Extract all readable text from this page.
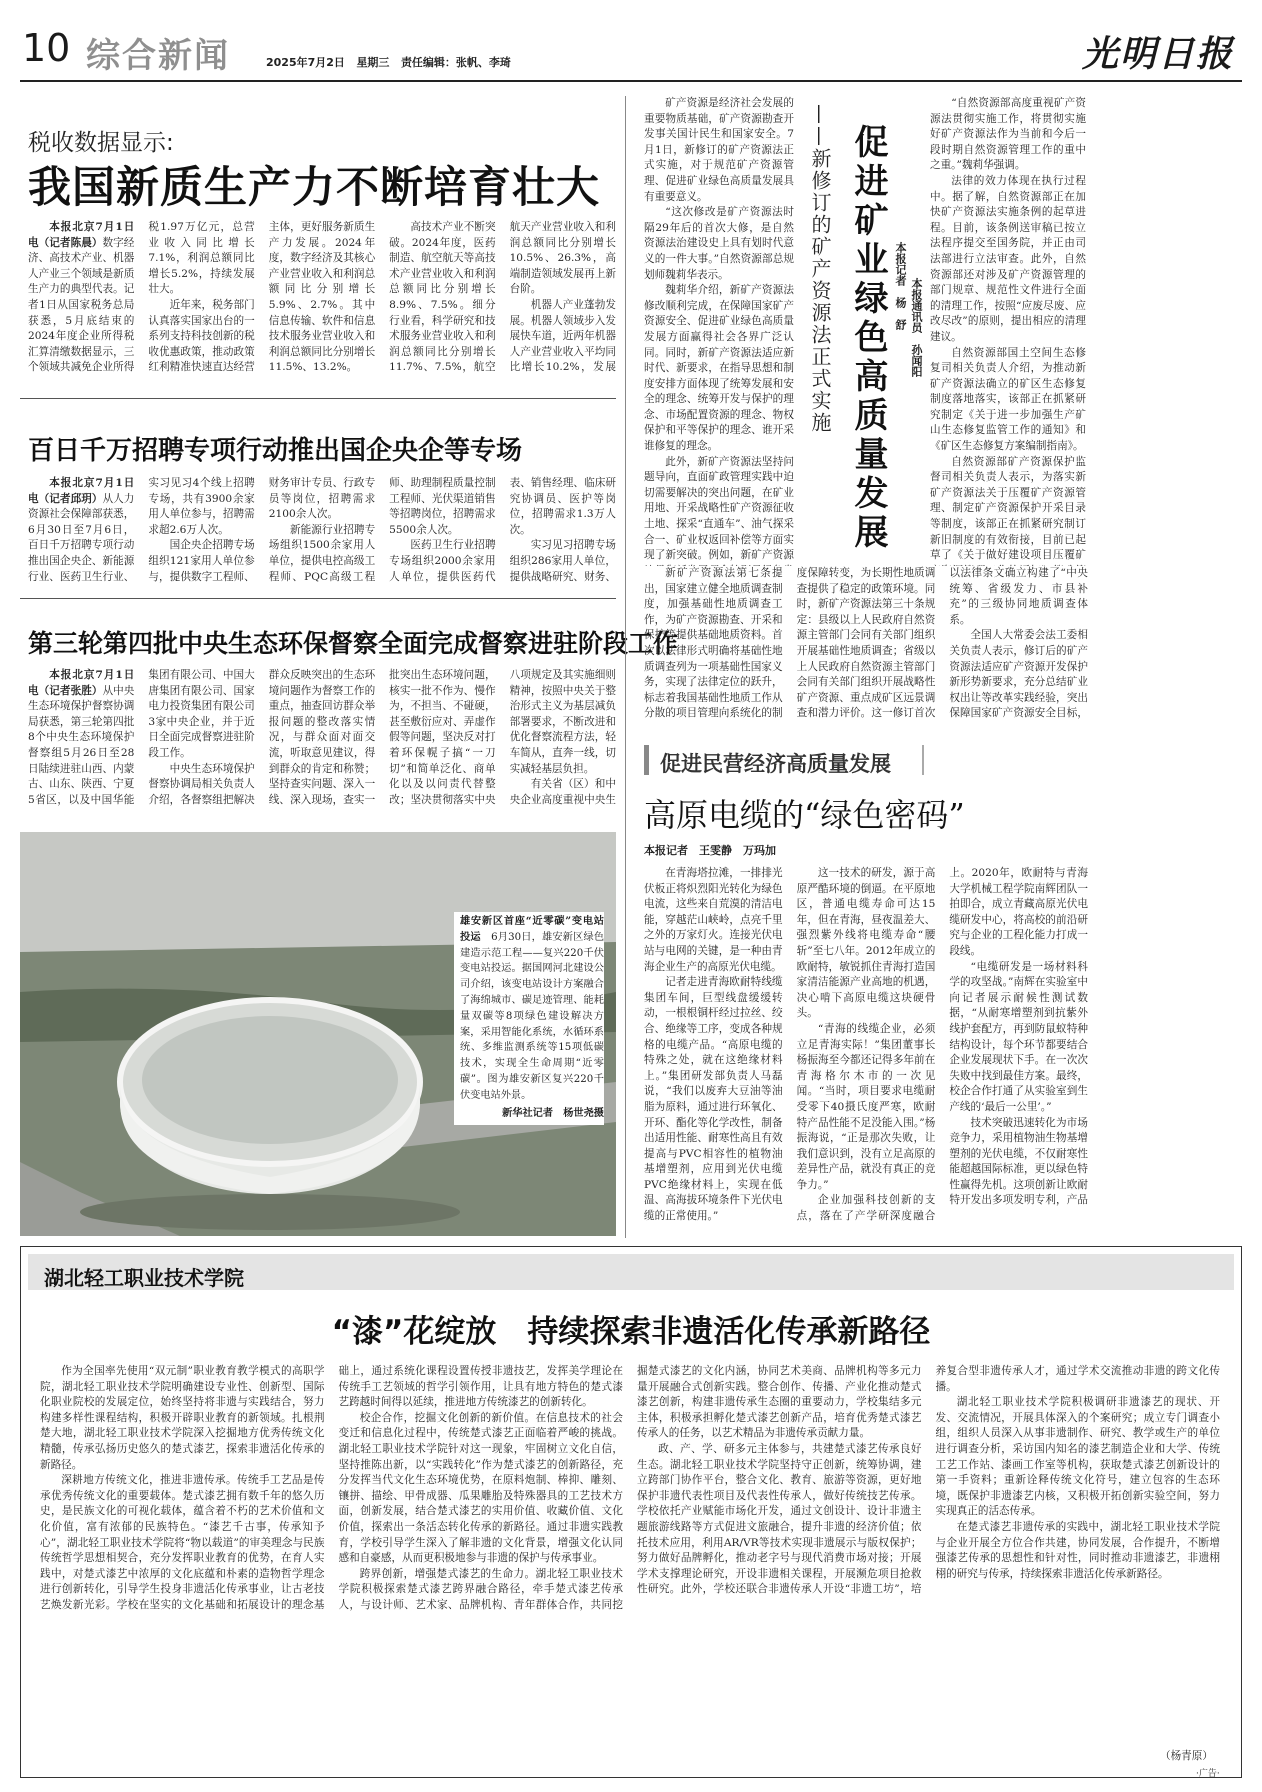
10 综合新闻	2025年7月2日 星期三 责任编辑：张帆、李琦	光明日报
税收数据显示:
我国新质生产力不断培育壮大

本报北京7月1日电（记者陈晨）数字经济、高技术产业、机器人产业三个领域是新质生产力的典型代表。记者1日从国家税务总局获悉，5月底结束的2024年度企业所得税汇算清缴数据显示，三个领域共减免企业所得税1.97万亿元，总营业收入同比增长7.1%，利润总额同比增长5.2%，持续发展壮大。

近年来，税务部门认真落实国家出台的一系列支持科技创新的税收优惠政策，推动政策红利精准快速直达经营主体，更好服务新质生产力发展。2024年度，数字经济及其核心产业营业收入和利润总额同比分别增长5.9%、2.7%。其中信息传输、软件和信息技术服务业营业收入和利润总额同比分别增长11.5%、13.2%。

高技术产业不断突破。2024年度，医药制造、航空航天等高技术产业营业收入和利润总额同比分别增长8.9%、7.5%。细分行业看，科学研究和技术服务业营业收入和利润总额同比分别增长11.7%、7.5%，航空航天产业营业收入和利润总额同比分别增长10.5%、26.3%，高端制造领域发展再上新台阶。

机器人产业蓬勃发展。机器人领域步入发展快车道，近两年机器人产业营业收入平均同比增长10.2%，发展

百日千万招聘专项行动推出国企央企等专场

本报北京7月1日电（记者邱玥）从人力资源社会保障部获悉，6月30日至7月6日，百日千万招聘专项行动推出国企央企、新能源行业、医药卫生行业、实习见习4个线上招聘专场，共有3900余家用人单位参与，招聘需求超2.6万人次。

国企央企招聘专场组织121家用人单位参与，提供数字工程师、财务审计专员、行政专员等岗位，招聘需求2100余人次。

新能源行业招聘专场组织1500余家用人单位，提供电控高级工程师、PQC高级工程师、助理制程质量控制工程师、光伏渠道销售等招聘岗位，招聘需求5500余人次。

医药卫生行业招聘专场组织2000余家用人单位，提供医药代表、销售经理、临床研究协调员、医护等岗位，招聘需求1.3万人次。

实习见习招聘专场组织286家用人单位，提供战略研究、财务、

第三轮第四批中央生态环保督察全面完成督察进驻阶段工作

本报北京7月1日电（记者张胜）从中央生态环境保护督察协调局获悉，第三轮第四批8个中央生态环境保护督察组5月26日至28日陆续进驻山西、内蒙古、山东、陕西、宁夏5省区，以及中国华能集团有限公司、中国大唐集团有限公司、国家电力投资集团有限公司3家中央企业，并于近日全面完成督察进驻阶段工作。

中央生态环境保护督察协调局相关负责人介绍，各督察组把解决群众反映突出的生态环境问题作为督察工作的重点，抽查回访群众举报问题的整改落实情况，与群众面对面交流，听取意见建议，得到群众的肯定和称赞；坚持查实问题、深入一线、深入现场，查实一批突出生态环境问题，核实一批不作为、慢作为，不担当、不碰硬，甚至敷衍应对、弄虚作假等问题，坚决反对打着环保幌子搞“一刀切”和简单泛化、商单化以及以问责代替整改；坚决贯彻落实中央八项规定及其实施细则精神，按照中央关于整治形式主义为基层减负部署要求，不断改进和优化督察流程方法，轻车简从，直奔一线，切实减轻基层负担。

有关省（区）和中央企业高度重视中央生

雄安新区首座“近零碳”变电站投运　 6月30日，雄安新区绿色建造示范工程——复兴220千伏变电站投运。据国网河北建设公司介绍，该变电站设计方案融合了海绵城市、碳足迹管理、能耗量双碳等8项绿色建设解决方案，采用智能化系统，水循环系统、多维监测系统等15项低碳技术，实现全生命周期“近零碳”。图为雄安新区复兴220千伏变电站外景。
新华社记者　杨世尧摄
促进矿业绿色高质量发展
——新修订的矿产资源法正式实施	本报记者　杨　舒 本报通讯员　孙闻阳

矿产资源是经济社会发展的重要物质基础，矿产资源勘查开发事关国计民生和国家安全。7月1日，新修订的矿产资源法正式实施，对于规范矿产资源管理、促进矿业绿色高质量发展具有重要意义。

“这次修改是矿产资源法时隔29年后的首次大修，是自然资源法治建设史上具有划时代意义的一件大事。”自然资源部总规划师魏莉华表示。

魏莉华介绍，新矿产资源法修改顺利完成，在保障国家矿产资源安全、促进矿业绿色高质量发展方面赢得社会各界广泛认同。同时，新矿产资源法适应新时代、新要求，在指导思想和制度安排方面体现了统筹发展和安全的理念、统筹开发与保护的理念、市场配置资源的理念、物权保护和平等保护的理念、谁开采谁修复的理念。

此外，新矿产资源法坚持问题导向，直面矿政管理实践中迫切需要解决的突出问题，在矿业用地、开采战略性矿产资源征收土地、探采“直通车”、油气探采合一、矿业权返回补偿等方面实现了新突破。例如，新矿产资源

“自然资源部高度重视矿产资源法贯彻实施工作，将贯彻实施好矿产资源法作为当前和今后一段时期自然资源管理工作的重中之重。”魏莉华强调。

法律的效力体现在执行过程中。据了解，自然资源部正在加快矿产资源法实施条例的起草进程。目前，该条例送审稿已按立法程序提交至国务院，并正由司法部进行立法审查。此外，自然资源部还对涉及矿产资源管理的部门规章、规范性文件进行全面的清理工作，按照“应废尽废、应改尽改”的原则，提出相应的清理建议。

自然资源部国土空间生态修复司相关负责人介绍，为推动新矿产资源法确立的矿区生态修复制度落地落实，该部正在抓紧研究制定《关于进一步加强生产矿山生态修复监管工作的通知》和《矿区生态修复方案编制指南》。

自然资源部矿产资源保护监督司相关负责人表示，为落实新矿产资源法关于压覆矿产资源管理、制定矿产资源保护开采目录等制度，该部正在抓紧研究制订新旧制度的有效衔接，目前已起草了《关于做好建设项目压覆矿

新矿产资源法第七条提出，国家建立健全地质调查制度，加强基础性地质调查工作，为矿产资源勘查、开采和保护等提供基础地质资料。首次以法律形式明确将基础性地质调查列为一项基础性国家义务，实现了法律定位的跃升，标志着我国基础性地质工作从分散的项目管理向系统化的制度保障转变，为长期性地质调查提供了稳定的政策环境。同时，新矿产资源法第三十条规定：县级以上人民政府自然资源主管部门会同有关部门组织开展基础性地质调查；省级以上人民政府自然资源主管部门会同有关部门组织开展战略性矿产资源、重点成矿区远景调查和潜力评价。这一修订首次以法律条文确立构建了“中央统筹、省级发力、市县补充”的三级协同地质调查体系。

全国人大常委会法工委相关负责人表示，修订后的矿产资源法适应矿产资源开发保护新形势新要求，充分总结矿业权出让等改革实践经验，突出保障国家矿产资源安全目标，

促进民营经济高质量发展
高原电缆的“绿色密码”
本报记者　王雯静　万玛加

在青海塔拉滩，一排排光伏板正将炽烈阳光转化为绿色电流，这些来自荒漠的清洁电能，穿越茫山峡岭，点亮千里之外的万家灯火。连接光伏电站与电网的关键，是一种由青海企业生产的高原光伏电缆。

记者走进青海欧耐特线缆集团车间，巨型线盘缓缓转动，一根根铜杆经过拉丝、绞合、绝缘等工序，变成各种规格的电缆产品。“高原电缆的特殊之处，就在这绝缘材料上。”集团研发部负责人马磊说，“我们以废弃大豆油等油脂为原料，通过进行环氧化、开环、酯化等化学改性，制备出适用性能、耐寒性高且有效提高与PVC相容性的植物油基增塑剂，应用到光伏电缆PVC绝缘材料上，实现在低温、高海拔环境条件下光伏电缆的正常使用。”

这一技术的研发，源于高原严酷环境的倒逼。在平原地区，普通电缆寿命可达15年，但在青海，昼夜温差大、强烈紫外线将电缆寿命“腰斩”至七八年。2012年成立的欧耐特，敏锐抓住青海打造国家清洁能源产业高地的机遇，决心啃下高原电缆这块硬骨头。

“青海的线缆企业，必须立足青海实际！”集团董事长杨振海至今都还记得多年前在青海格尔木市的一次见闻。“当时，项目要求电缆耐受零下40摄氏度严寒，欧耐特产品性能不足没能入围。”杨振海说，“正是那次失败，让我们意识到，没有立足高原的差异性产品，就没有真正的竞争力。”

企业加强科技创新的支点，落在了产学研深度融合上。2020年，欧耐特与青海大学机械工程学院南辉团队一拍即合，成立青藏高原光伏电缆研发中心，将高校的前沿研究与企业的工程化能力打成一段线。

“电缆研发是一场材料科学的攻坚战。”南辉在实验室中向记者展示耐候性测试数据，“从耐寒增塑剂到抗紫外线护套配方，再到防鼠蚁特种结构设计，每个环节都要结合企业发展现状下手。在一次次失败中找到最佳方案。最终，校企合作打通了从实验室到生产线的‘最后一公里’。”

技术突破迅速转化为市场竞争力，采用植物油生物基增塑剂的光伏电缆，不仅耐寒性能超越国际标准，更以绿色特性赢得先机。这项创新让欧耐特开发出多项发明专利，产品

湖北轻工职业技术学院
“漆”花绽放　持续探索非遗活化传承新路径

作为全国率先使用“双元制”职业教育教学模式的高职学院，湖北轻工职业技术学院明确建设专业性、创新型、国际化职业院校的发展定位，始终坚持将非遗与实践结合，努力构建多样性课程结构，积极开辟职业教育的新领域。扎根荆楚大地，湖北轻工职业技术学院深入挖掘地方优秀传统文化精髓，传承弘扬历史悠久的楚式漆艺，探索非遗活化传承的新路径。

深耕地方传统文化，推进非遗传承。传统手工艺品是传承优秀传统文化的重要载体。楚式漆艺拥有数千年的悠久历史，是民族文化的可视化载体，蕴含着不朽的艺术价值和文化价值，富有浓郁的民族特色。“漆艺千古事，传承知予心”，湖北轻工职业技术学院将“物以载道”的审美理念与民族传统哲学思想相契合，充分发挥职业教育的优势，在育人实践中，对楚式漆艺中浓厚的文化底蕴和朴素的造物哲学理念进行创新转化，引导学生投身非遗活化传承事业，让古老技艺焕发新光彩。学校在坚实的文化基础和拓展设计的理念基础上，通过系统化课程设置传授非遗技艺，发挥美学理论在传统手工艺领域的哲学引领作用，让具有地方特色的楚式漆艺跨越时间得以延续，推进地方传统漆艺的创新转化。

校企合作，挖掘文化创新的新价值。在信息技术的社会变迁和信息化过程中，传统楚式漆艺正面临着严峻的挑战。湖北轻工职业技术学院针对这一现象，牢固树立文化自信，坚持推陈出新，以“实践转化”作为楚式漆艺的创新路径，充分发挥当代文化生态环境优势，在原料炮制、棒抑、雕刻、镶拼、描绘、甲骨成器、瓜果雕胎及特殊器具的工艺技术方面，创新发展，结合楚式漆艺的实用价值、收藏价值、文化价值，探索出一条活态转化传承的新路径。通过非遗实践教育，学校引导学生深入了解非遗的文化背景，增强文化认同感和自豪感，从而更积极地参与非遗的保护与传承事业。

跨界创新，增强楚式漆艺的生命力。湖北轻工职业技术学院积极探索楚式漆艺跨界融合路径，牵手楚式漆艺传承人，与设计师、艺术家、品牌机构、青年群体合作，共同挖掘楚式漆艺的文化内涵，协同艺术美商、品牌机构等多元力量开展融合式创新实践。整合创作、传播、产业化推动楚式漆艺创新，构建非遗传承生态圈的重要动力，学校集结多元主体，积极承担孵化楚式漆艺创新产品，培育优秀楚式漆艺传承人的任务，以艺术精品为非遗传承贡献力量。

政、产、学、研多元主体参与，共建楚式漆艺传承良好生态。湖北轻工职业技术学院坚持守正创新，统筹协调，建立跨部门协作平台，整合文化、教育、旅游等资源，更好地保护非遗代表性项目及代表性传承人，做好传统技艺传承。学校依托产业赋能市场化开发，通过文创设计、设计非遗主题旅游线路等方式促进文旅融合，提升非遗的经济价值；依托技术应用，利用AR/VR等技术实现非遗展示与版权保护；努力做好品牌孵化，推动老字号与现代消费市场对接；开展学术支撑理论研究，开设非遗相关课程，开展濒危项目抢救性研究。此外，学校还联合非遗传承人开设“非遗工坊”，培养复合型非遗传承人才，通过学术交流推动非遗的跨文化传播。

湖北轻工职业技术学院积极调研非遗漆艺的现状、开发、交流情况，开展具体深入的个案研究；成立专门调查小组，组织人员深入从事非遗制作、研究、教学或生产的单位进行调查分析，采访国内知名的漆艺制造企业和大学、传统工艺工作站、漆画工作室等机构，获取楚式漆艺创新设计的第一手资料；重新诠释传统文化符号，建立包容的生态环境，既保护非遗漆艺内核，又积极开拓创新实验空间，努力实现真正的活态传承。

在楚式漆艺非遗传承的实践中，湖北轻工职业技术学院与企业开展全方位合作共建，协同发展，合作提升，不断增强漆艺传承的思想性和针对性，同时推动非遗漆艺，非遗栩栩的研究与传承，持续探索非遗活化传承新路径。

（杨青原）
·广告·
